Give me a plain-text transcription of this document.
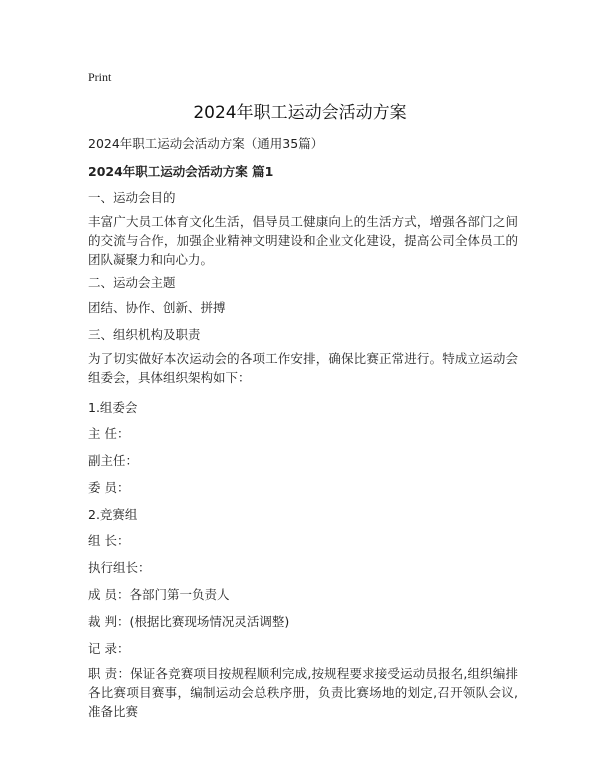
Print
2024年职工运动会活动方案
2024年职工运动会活动方案（通用35篇）
2024年职工运动会活动方案 篇1
一、运动会目的
丰富广大员工体育文化生活，倡导员工健康向上的生活方式，增强各部门之间的交流与合作，加强企业精神文明建设和企业文化建设，提高公司全体员工的团队凝聚力和向心力。
二、运动会主题
团结、协作、创新、拼搏
三、组织机构及职责
为了切实做好本次运动会的各项工作安排，确保比赛正常进行。特成立运动会组委会，具体组织架构如下：
1.组委会
主 任：
副主任：
委 员：
2.竞赛组
组 长：
执行组长：
成 员：各部门第一负责人
裁 判：(根据比赛现场情况灵活调整)
记 录：
职 责：保证各竞赛项目按规程顺利完成,按规程要求接受运动员报名,组织编排各比赛项目赛事，编制运动会总秩序册，负责比赛场地的划定,召开领队会议,准备比赛
